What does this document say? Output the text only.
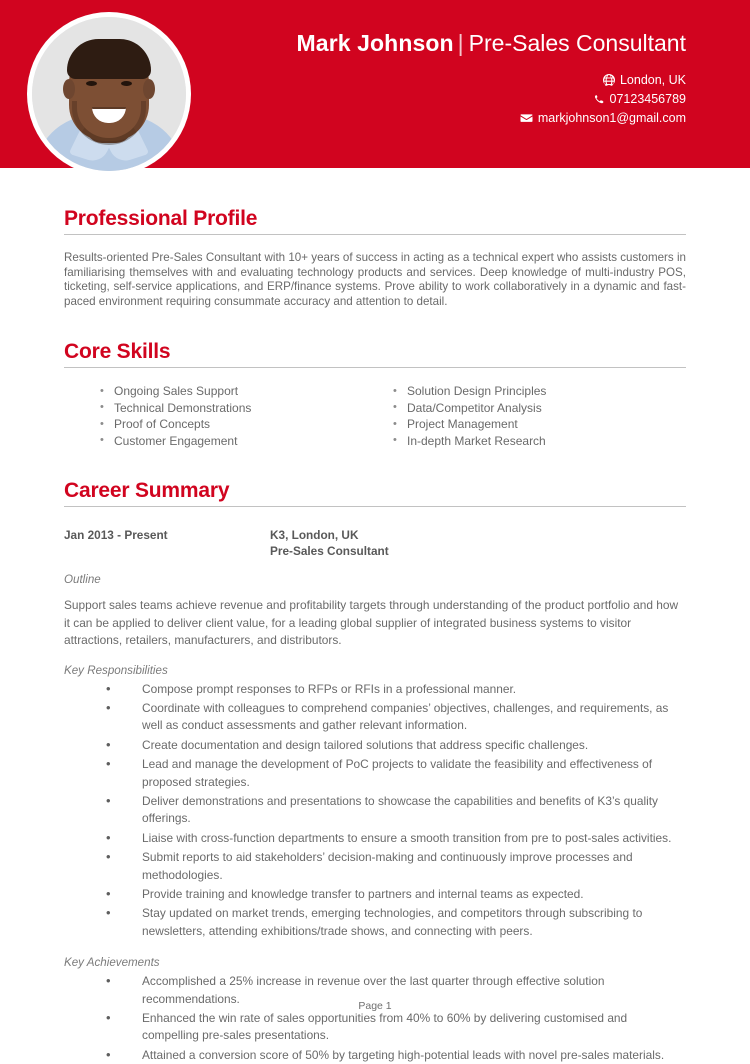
Mark Johnson | Pre-Sales Consultant
London, UK
07123456789
markjohnson1@gmail.com
Professional Profile
Results-oriented Pre-Sales Consultant with 10+ years of success in acting as a technical expert who assists customers in familiarising themselves with and evaluating technology products and services. Deep knowledge of multi-industry POS, ticketing, self-service applications, and ERP/finance systems. Prove ability to work collaboratively in a dynamic and fast-paced environment requiring consummate accuracy and attention to detail.
Core Skills
• Ongoing Sales Support
• Technical Demonstrations
• Proof of Concepts
• Customer Engagement
• Solution Design Principles
• Data/Competitor Analysis
• Project Management
• In-depth Market Research
Career Summary
Jan 2013 - Present	K3, London, UK
Pre-Sales Consultant
Outline
Support sales teams achieve revenue and profitability targets through understanding of the product portfolio and how it can be applied to deliver client value, for a leading global supplier of integrated business systems to visitor attractions, retailers, manufacturers, and distributors.
Key Responsibilities
• Compose prompt responses to RFPs or RFIs in a professional manner.
• Coordinate with colleagues to comprehend companies’ objectives, challenges, and requirements, as well as conduct assessments and gather relevant information.
• Create documentation and design tailored solutions that address specific challenges.
• Lead and manage the development of PoC projects to validate the feasibility and effectiveness of proposed strategies.
• Deliver demonstrations and presentations to showcase the capabilities and benefits of K3’s quality offerings.
• Liaise with cross-function departments to ensure a smooth transition from pre to post-sales activities.
• Submit reports to aid stakeholders’ decision-making and continuously improve processes and methodologies.
• Provide training and knowledge transfer to partners and internal teams as expected.
• Stay updated on market trends, emerging technologies, and competitors through subscribing to newsletters, attending exhibitions/trade shows, and connecting with peers.
Key Achievements
• Accomplished a 25% increase in revenue over the last quarter through effective solution recommendations.
• Enhanced the win rate of sales opportunities from 40% to 60% by delivering customised and compelling pre-sales presentations.
• Attained a conversion score of 50% by targeting high-potential leads with novel pre-sales materials.
Page 1
